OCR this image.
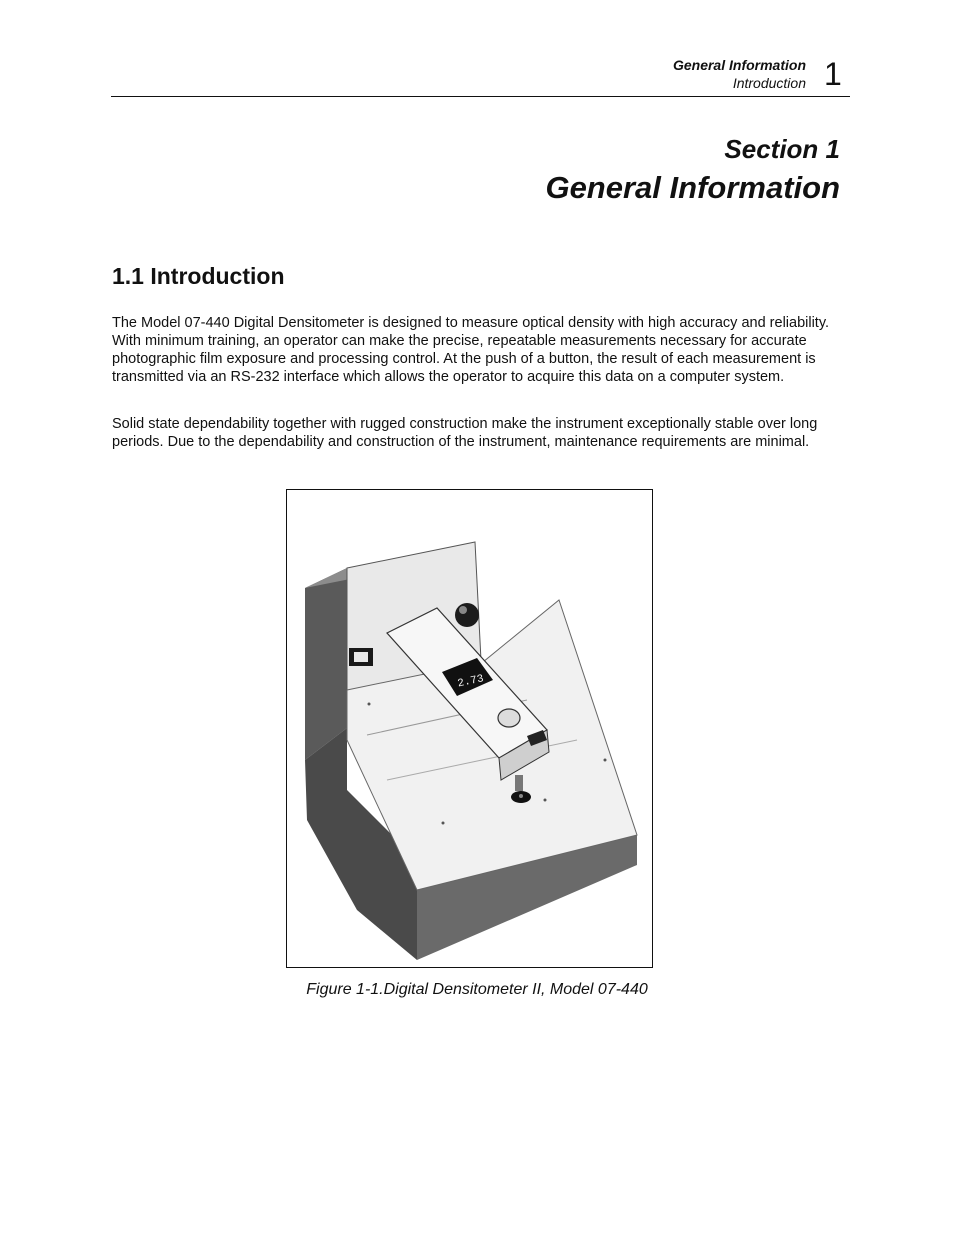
General Information
Introduction 1
Section 1
General Information
1.1 Introduction

The Model 07-440 Digital Densitometer is designed to measure optical density with high accuracy and reliability. With minimum training, an operator can make the precise, repeatable measurements necessary for accurate photographic film exposure and processing control. At the push of a button, the result of each measurement is transmitted via an RS-232 interface which allows the operator to acquire this data on a computer system.

Solid state dependability together with rugged construction make the instrument exceptionally stable over long periods. Due to the dependability and construction of the instrument, maintenance requirements are minimal.

2.73
Figure 1-1.Digital Densitometer II, Model 07-440
